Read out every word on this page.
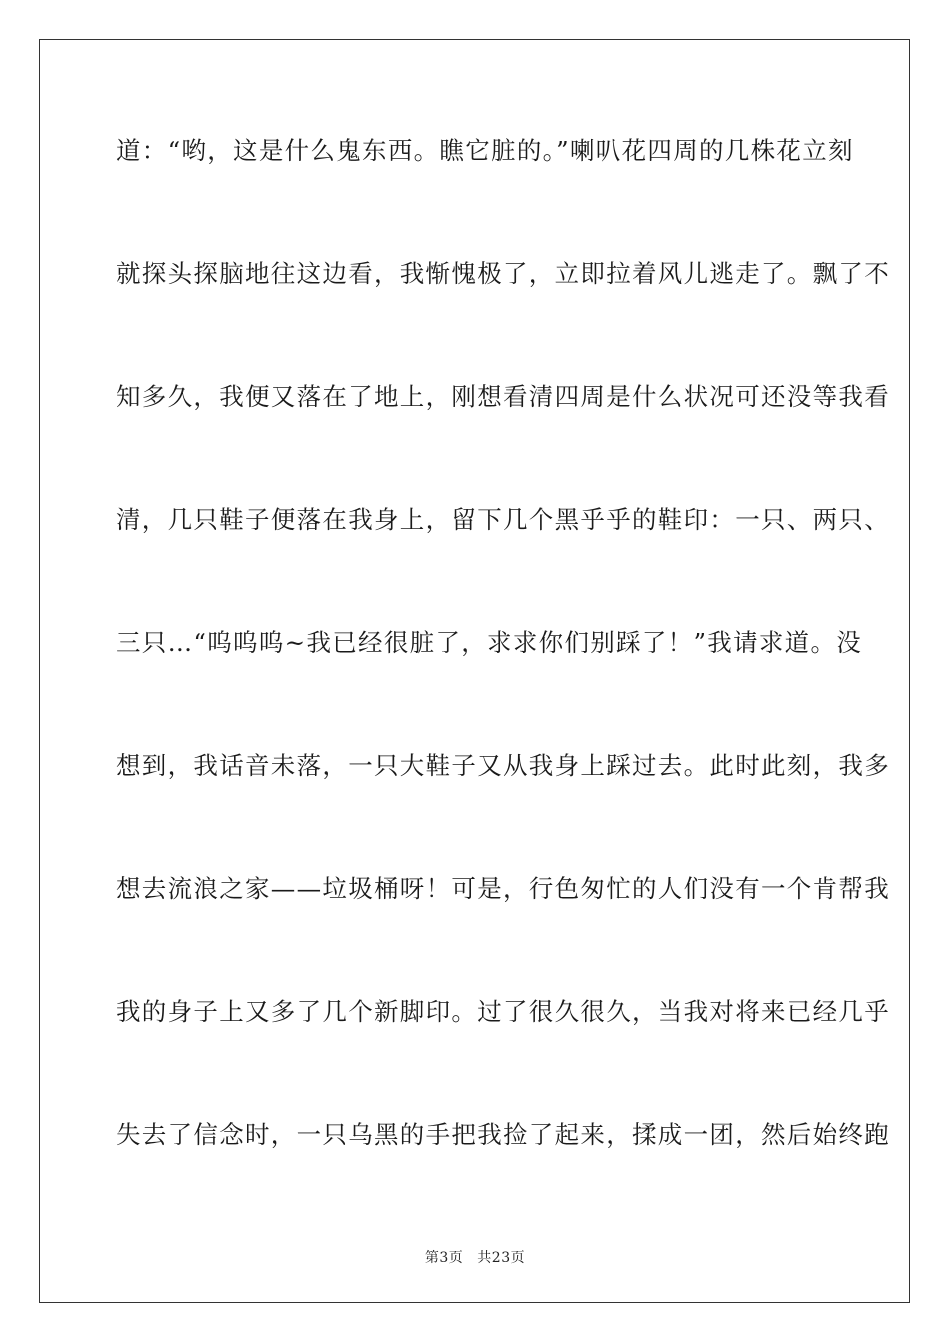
道：“哟，这是什么鬼东西。瞧它脏的。”喇叭花四周的几株花立刻
就探头探脑地往这边看，我惭愧极了，立即拉着风儿逃走了。飘了不
知多久，我便又落在了地上，刚想看清四周是什么状况可还没等我看
清，几只鞋子便落在我身上，留下几个黑乎乎的鞋印：一只、两只、
三只…“呜呜呜~我已经很脏了，求求你们别踩了！”我请求道。没
想到，我话音未落，一只大鞋子又从我身上踩过去。此时此刻，我多
想去流浪之家——垃圾桶呀！可是，行色匆忙的人们没有一个肯帮我
我的身子上又多了几个新脚印。过了很久很久，当我对将来已经几乎
失去了信念时，一只乌黑的手把我捡了起来，揉成一团，然后始终跑
第3页 共23页
